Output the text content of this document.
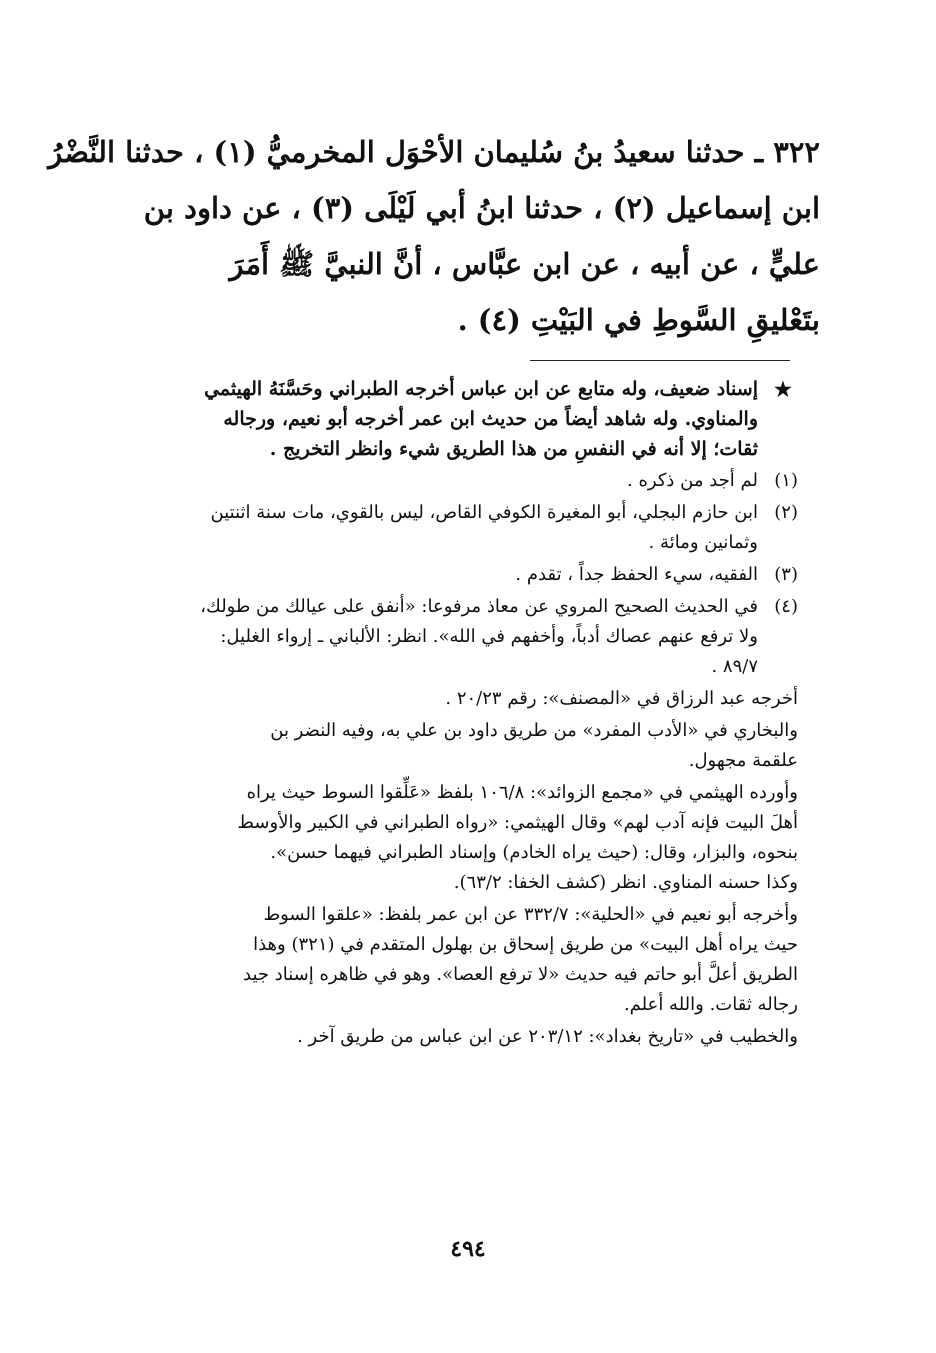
٣٢٢ ـ حدثنا سعيدُ بنُ سُليمان الأحْوَل المخرميُّ (١) ، حدثنا النَّضْرُ
ابن إسماعيل (٢) ، حدثنا ابنُ أبي لَيْلَى (٣) ، عن داود بن
عليٍّ ، عن أبيه ، عن ابن عبَّاس ، أنَّ النبيَّ ﷺ أَمَرَ
بتَعْليقِ السَّوطِ في البَيْتِ (٤) .
★
إسناد ضعيف، وله متابع عن ابن عباس أخرجه الطبراني وحَسَّنَهُ الهيثمي
والمناوي. وله شاهد أيضاً من حديث ابن عمر أخرجه أبو نعيم، ورجاله
ثقات؛ إلا أنه في النفسِ من هذا الطريق شيء وانظر التخريج .
(١)
لم أجد من ذكره .
(٢)
ابن حازم البجلي، أبو المغيرة الكوفي القاص، ليس بالقوي، مات سنة اثنتين
وثمانين ومائة .
(٣)
الفقيه، سيء الحفظ جداً ، تقدم .
(٤)
في الحديث الصحيح المروي عن معاذ مرفوعا: «أنفق على عيالك من طولك،
ولا ترفع عنهم عصاك أدباً، وأخفهم في الله». انظر: الألباني ـ إرواء الغليل:
٨٩/٧ .
أخرجه عبد الرزاق في «المصنف»: رقم ٢٠/٢٣ .
والبخاري في «الأدب المفرد» من طريق داود بن علي به، وفيه النضر بن
علقمة مجهول.
وأورده الهيثمي في «مجمع الزوائد»: ١٠٦/٨ بلفظ «عَلِّقوا السوط حيث يراه
أهلَ البيت فإنه آدب لهم» وقال الهيثمي: «رواه الطبراني في الكبير والأوسط
بنحوه، والبزار، وقال: (حيث يراه الخادم) وإسناد الطبراني فيهما حسن».
وكذا حسنه المناوي. انظر (كشف الخفا: ٦٣/٢).
وأخرجه أبو نعيم في «الحلية»: ٣٣٢/٧ عن ابن عمر بلفظ: «علقوا السوط
حيث يراه أهل البيت» من طريق إسحاق بن بهلول المتقدم في (٣٢١) وهذا
الطريق أعلَّ أبو حاتم فيه حديث «لا ترفع العصا». وهو في ظاهره إسناد جيد
رجاله ثقات. والله أعلم.
والخطيب في «تاريخ بغداد»: ٢٠٣/١٢ عن ابن عباس من طريق آخر .
٤٩٤
